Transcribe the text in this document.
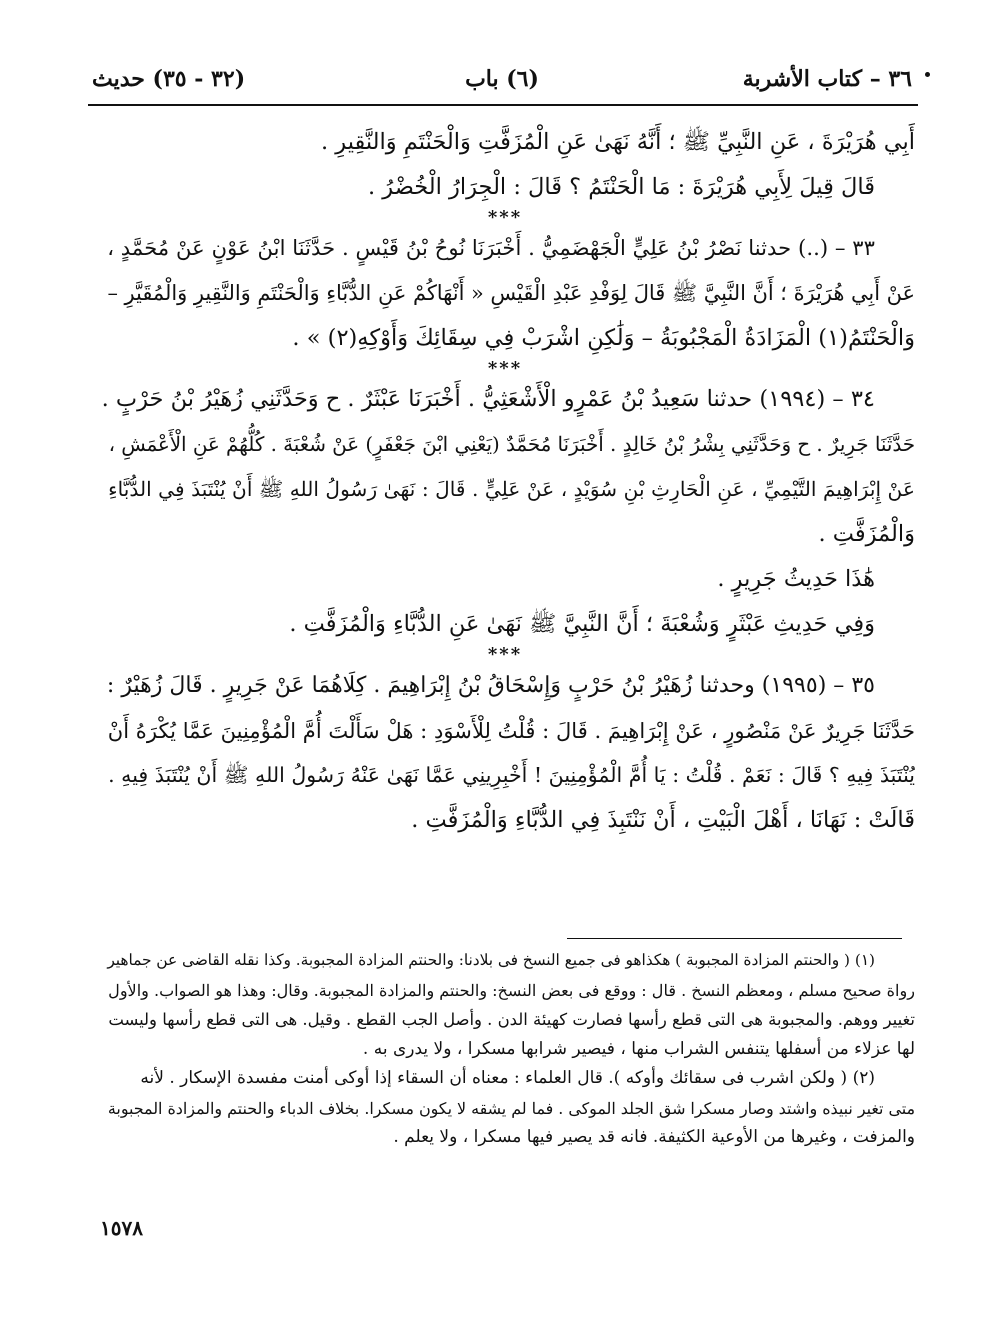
٣٦ – كتاب الأشربة
(٦) باب
(٣٢ - ٣٥) حديث
أَبِي هُرَيْرَةَ ، عَنِ النَّبِيِّ ﷺ ؛ أَنَّهُ نَهَىٰ عَنِ الْمُزَفَّتِ وَالْحَنْتَمِ وَالنَّقِيرِ .
قَالَ قِيلَ لِأَبِي هُرَيْرَةَ : مَا الْحَنْتَمُ ؟ قَالَ : الْجِرَارُ الْخُضْرُ .
***
٣٣ – (..) حدثنا نَصْرُ بْنُ عَلِيٍّ الْجَهْضَمِيُّ . أَخْبَرَنَا نُوحُ بْنُ قَيْسٍ . حَدَّثَنَا ابْنُ عَوْنٍ عَنْ مُحَمَّدٍ ،
عَنْ أَبِي هُرَيْرَةَ ؛ أَنَّ النَّبِيَّ ﷺ قَالَ لِوَفْدِ عَبْدِ الْقَيْسِ « أَنْهَاكُمْ عَنِ الدُّبَّاءِ وَالْحَنْتَمِ وَالنَّقِيرِ وَالْمُقَيَّرِ –
وَالْحَنْتَمُ(١) الْمَزَادَةُ الْمَجْبُوبَةُ – وَلَٰكِنِ اشْرَبْ فِي سِقَائِكَ وَأَوْكِهِ(٢) » .
***
٣٤ – (١٩٩٤) حدثنا سَعِيدُ بْنُ عَمْرٍو الْأَشْعَثِيُّ . أَخْبَرَنَا عَبْثَرٌ . ح وَحَدَّثَنِي زُهَيْرُ بْنُ حَرْبٍ .
حَدَّثَنَا جَرِيرٌ . ح وَحَدَّثَنِي بِشْرُ بْنُ خَالِدٍ . أَخْبَرَنَا مُحَمَّدٌ (يَعْنِي ابْنَ جَعْفَرٍ) عَنْ شُعْبَةَ . كُلُّهُمْ عَنِ الْأَعْمَشِ ،
عَنْ إِبْرَاهِيمَ التَّيْمِيِّ ، عَنِ الْحَارِثِ بْنِ سُوَيْدٍ ، عَنْ عَلِيٍّ . قَالَ : نَهَىٰ رَسُولُ اللهِ ﷺ أَنْ يُنْتَبَذَ فِي الدُّبَّاءِ
وَالْمُزَفَّتِ .
هَٰذَا حَدِيثُ جَرِيرٍ .
وَفِي حَدِيثِ عَبْثَرٍ وَشُعْبَةَ ؛ أَنَّ النَّبِيَّ ﷺ نَهَىٰ عَنِ الدُّبَّاءِ وَالْمُزَفَّتِ .
***
٣٥ – (١٩٩٥) وحدثنا زُهَيْرُ بْنُ حَرْبٍ وَإِسْحَاقُ بْنُ إِبْرَاهِيمَ . كِلَاهُمَا عَنْ جَرِيرٍ . قَالَ زُهَيْرٌ :
حَدَّثَنَا جَرِيرٌ عَنْ مَنْصُورٍ ، عَنْ إِبْرَاهِيمَ . قَالَ : قُلْتُ لِلْأَسْوَدِ : هَلْ سَأَلْتَ أُمَّ الْمُؤْمِنِينَ عَمَّا يُكْرَهُ أَنْ
يُنْتَبَذَ فِيهِ ؟ قَالَ : نَعَمْ . قُلْتُ : يَا أُمَّ الْمُؤْمِنِينَ ! أَخْبِرِينِي عَمَّا نَهَىٰ عَنْهُ رَسُولُ اللهِ ﷺ أَنْ يُنْتَبَذَ فِيهِ .
قَالَتْ : نَهَانَا ، أَهْلَ الْبَيْتِ ، أَنْ نَنْتَبِذَ فِي الدُّبَّاءِ وَالْمُزَفَّتِ .
(١) ( والحنتم المزادة المجبوبة ) هكذاهو فى جميع النسخ فى بلادنا: والحنتم المزادة المجبوبة. وكذا نقله القاضى عن جماهير
رواة صحيح مسلم ، ومعظم النسخ . قال : ووقع فى بعض النسخ: والحنتم والمزادة المجبوبة. وقال: وهذا هو الصواب. والأول
تغيير ووهم. والمجبوبة هى التى قطع رأسها فصارت كهيئة الدن . وأصل الجب القطع . وقيل. هى التى قطع رأسها وليست
لها عزلاء من أسفلها يتنفس الشراب منها ، فيصير شرابها مسكرا ، ولا يدرى به .
(٢) ( ولكن اشرب فى سقائك وأوكه ). قال العلماء : معناه أن السقاء إذا أوكى أمنت مفسدة الإسكار . لأنه
متى تغير نبيذه واشتد وصار مسكرا شق الجلد الموكى . فما لم يشقه لا يكون مسكرا. بخلاف الدباء والحنتم والمزادة المجبوبة
والمزفت ، وغيرها من الأوعية الكثيفة. فانه قد يصير فيها مسكرا ، ولا يعلم .
١٥٧٨
